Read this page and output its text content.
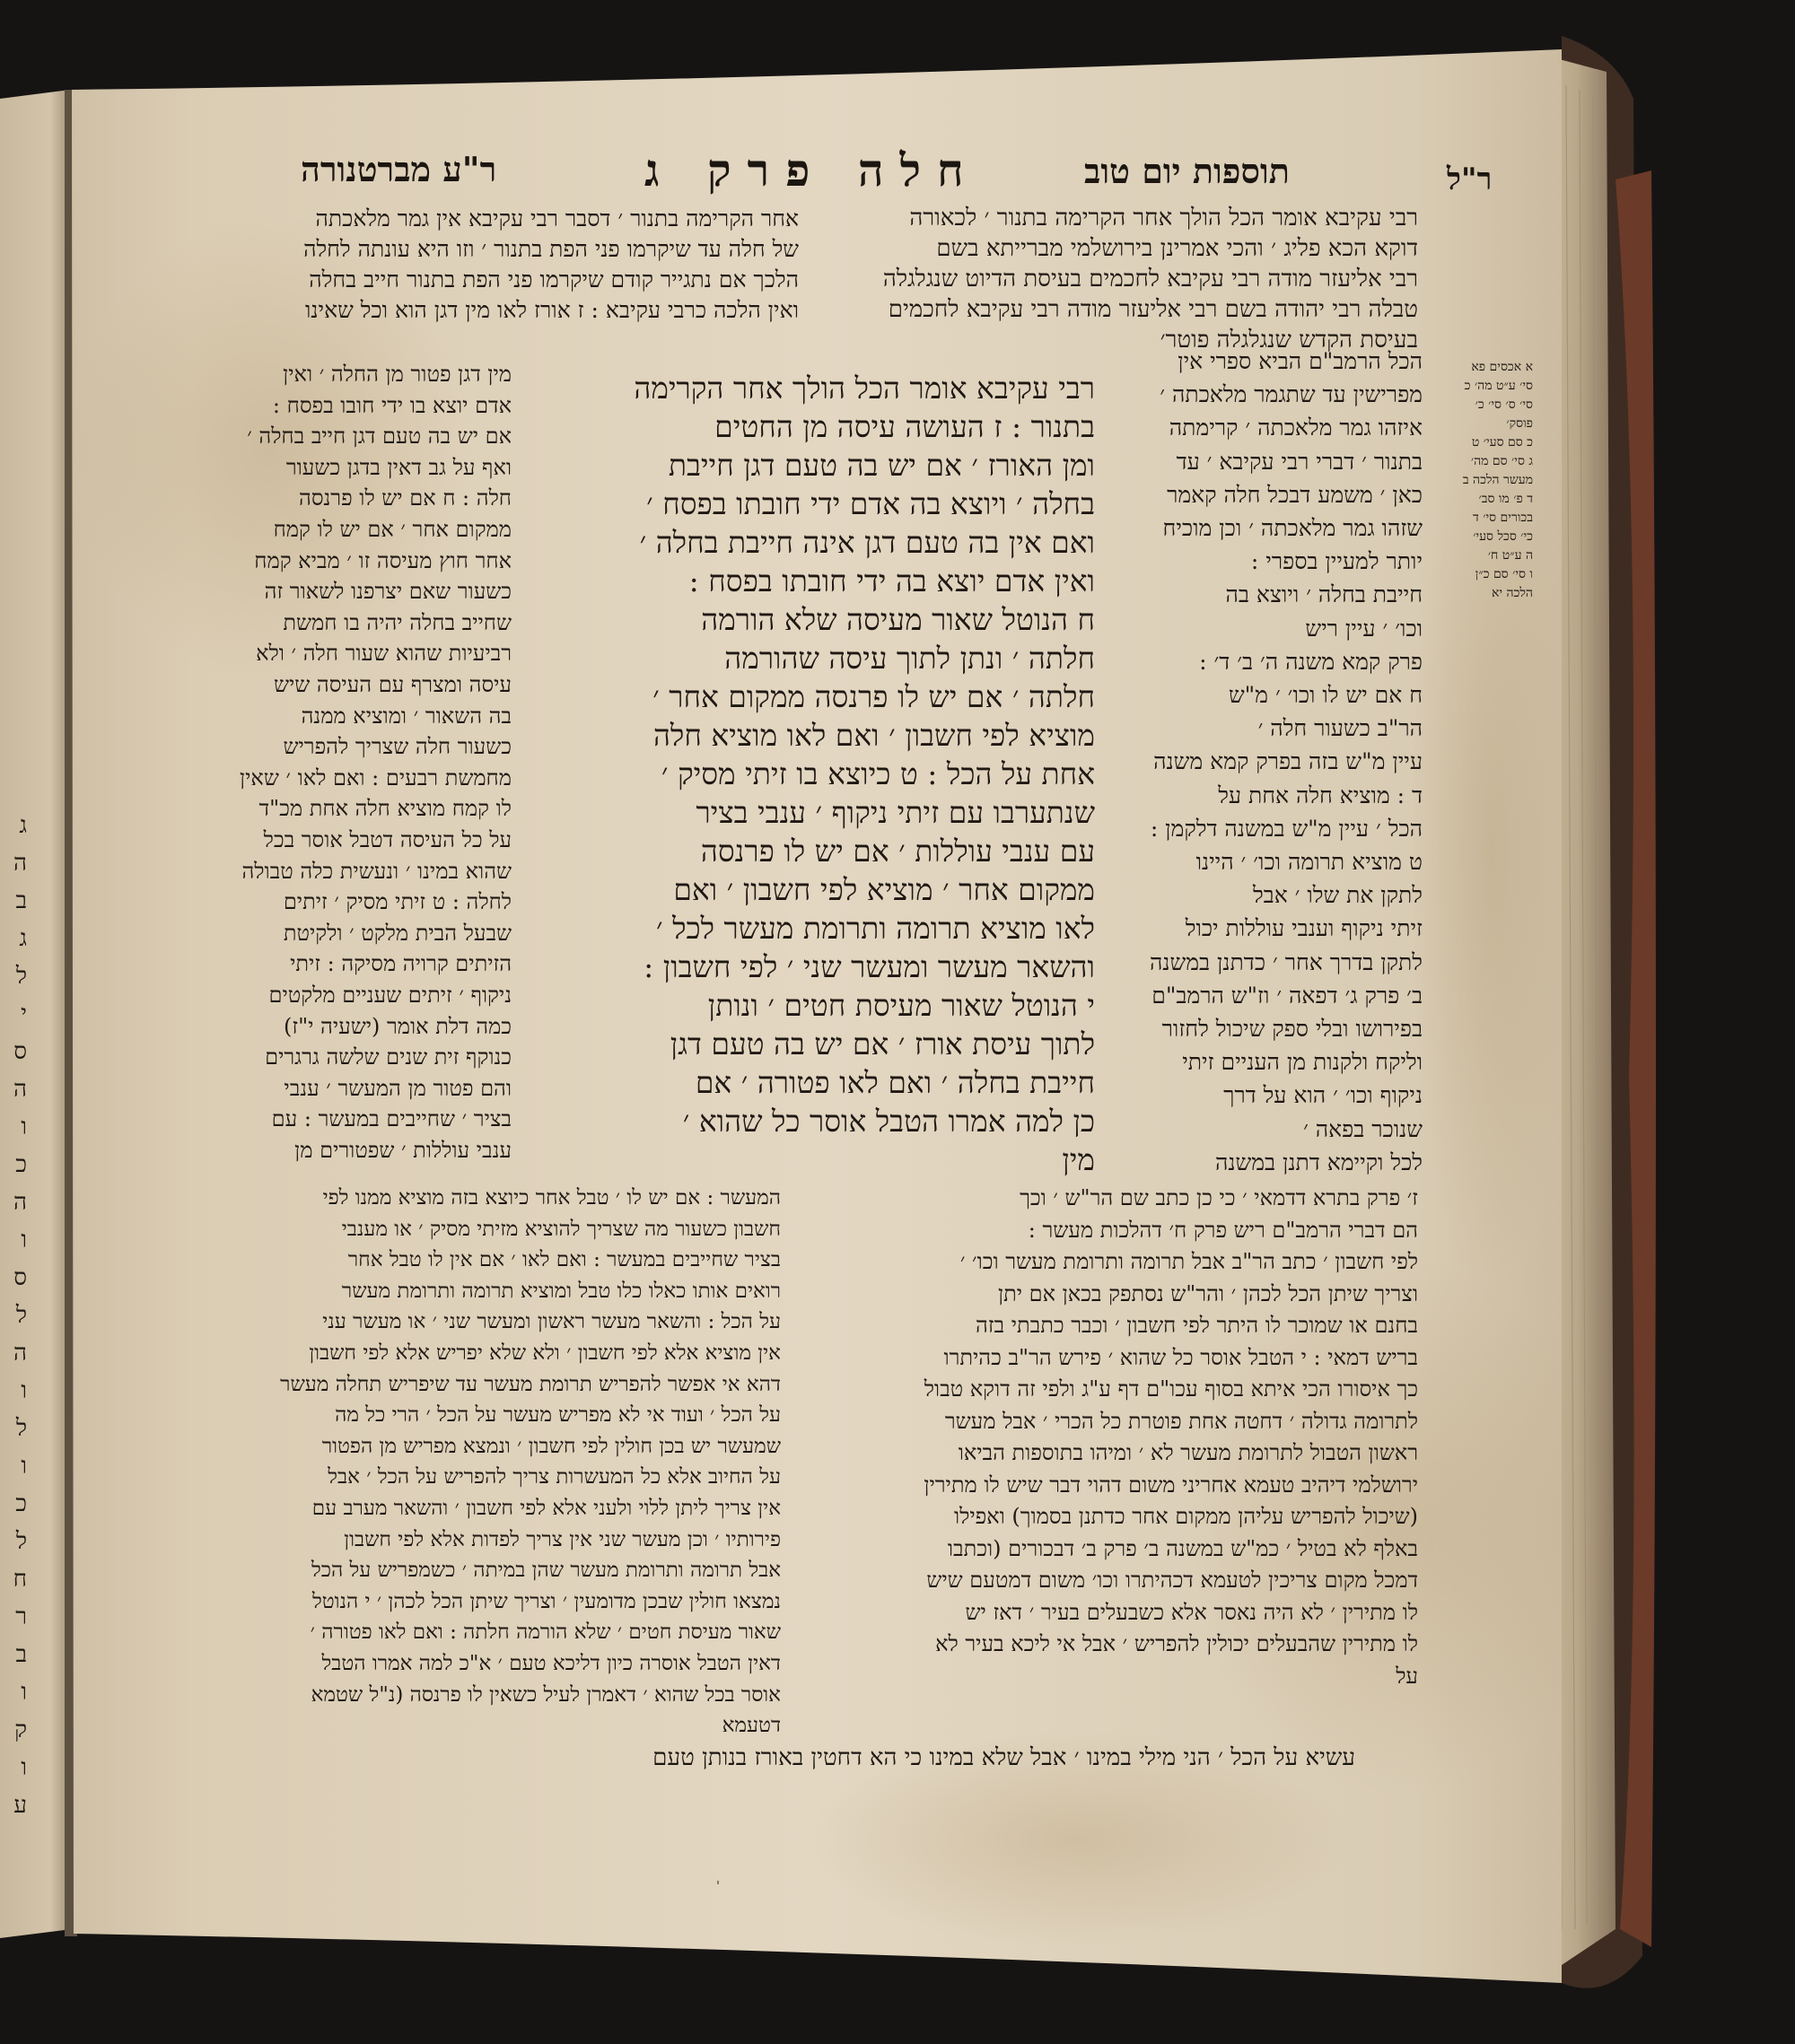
ר"ל
תוספות יום טוב
חלה פרק ג
ר"ע מברטנורה
רבי עקיבא אומר הכל הולך אחר הקרימה בתנור ׳ לכאורה
דוקא הכא פליג ׳ והכי אמרינן בירושלמי מברייתא בשם
רבי אליעזר מודה רבי עקיבא לחכמים בעיסת הדיוט שנגלגלה
טבלה רבי יהודה בשם רבי אליעזר מודה רבי עקיבא לחכמים
בעיסת הקדש שנגלגלה פוטר׳
אחר הקרימה בתנור ׳ דסבר רבי עקיבא אין גמר מלאכתה
של חלה עד שיקרמו פני הפת בתנור ׳ וזו היא עונתה לחלה
הלכך אם נתגייר קודם שיקרמו פני הפת בתנור חייב בחלה
ואין הלכה כרבי עקיבא : ז אורז לאו מין דגן הוא וכל שאינו
רבי עקיבא אומר הכל הולך אחר הקרימה
בתנור : ז העושה עיסה מן החטים
ומן האורז ׳ אם יש בה טעם דגן חייבת
בחלה ׳ ויוצא בה אדם ידי חובתו בפסח ׳
ואם אין בה טעם דגן אינה חייבת בחלה ׳
ואין אדם יוצא בה ידי חובתו בפסח :
ח הנוטל שאור מעיסה שלא הורמה
חלתה ׳ ונתן לתוך עיסה שהורמה
חלתה ׳ אם יש לו פרנסה ממקום אחר ׳
מוציא לפי חשבון ׳ ואם לאו מוציא חלה
אחת על הכל : ט כיוצא בו זיתי מסיק ׳
שנתערבו עם זיתי ניקוף ׳ ענבי בציר
עם ענבי עוללות ׳ אם יש לו פרנסה
ממקום אחר ׳ מוציא לפי חשבון ׳ ואם
לאו מוציא תרומה ותרומת מעשר לכל ׳
והשאר מעשר ומעשר שני ׳ לפי חשבון :
י הנוטל שאור מעיסת חטים ׳ ונותן
לתוך עיסת אורז ׳ אם יש בה טעם דגן
חייבת בחלה ׳ ואם לאו פטורה ׳ אם
כן למה אמרו הטבל אוסר כל שהוא ׳
מין
הכל הרמב"ם הביא ספרי אין
מפרישין עד שתגמר מלאכתה ׳
איזהו גמר מלאכתה ׳ קרימתה
בתנור ׳ דברי רבי עקיבא ׳ עד
כאן ׳ משמע דבכל חלה קאמר
שזהו גמר מלאכתה ׳ וכן מוכיח
יותר למעיין בספרי :
חייבת בחלה ׳ ויוצא בה
וכו׳ ׳ עיין ריש
פרק קמא משנה ה׳ ב׳ ד׳ :
ח אם יש לו וכו׳ ׳ מ"ש
הר"ב כשעור חלה ׳
עיין מ"ש בזה בפרק קמא משנה
ד : מוציא חלה אחת על
הכל ׳ עיין מ"ש במשנה דלקמן :
ט מוציא תרומה וכו׳ ׳ היינו
לתקן את שלו ׳ אבל
זיתי ניקוף וענבי עוללות יכול
לתקן בדרך אחר ׳ כדתנן במשנה
ב׳ פרק ג׳ דפאה ׳ וז"ש הרמב"ם
בפירושו ובלי ספק שיכול לחזור
וליקח ולקנות מן העניים זיתי
ניקוף וכו׳ ׳ הוא על דרך
שנוכר בפאה ׳
לכל וקיימא דתנן במשנה
מין דגן פטור מן החלה ׳ ואין
אדם יוצא בו ידי חובו בפסח :
אם יש בה טעם דגן חייב בחלה ׳
ואף על גב דאין בדגן כשעור
חלה : ח אם יש לו פרנסה
ממקום אחר ׳ אם יש לו קמח
אחר חוץ מעיסה זו ׳ מביא קמח
כשעור שאם יצרפנו לשאור זה
שחייב בחלה יהיה בו חמשת
רביעיות שהוא שעור חלה ׳ ולא
עיסה ומצרף עם העיסה שיש
בה השאור ׳ ומוציא ממנה
כשעור חלה שצריך להפריש
מחמשת רבעים : ואם לאו ׳ שאין
לו קמח מוציא חלה אחת מכ"ד
על כל העיסה דטבל אוסר בכל
שהוא במינו ׳ ונעשית כלה טבולה
לחלה : ט זיתי מסיק ׳ זיתים
שבעל הבית מלקט ׳ ולקיטת
הזיתים קרויה מסיקה : זיתי
ניקוף ׳ זיתים שעניים מלקטים
כמה דלת אומר (ישעיה י"ז)
כנוקף זית שנים שלשה גרגרים
והם פטור מן המעשר ׳ ענבי
בציר ׳ שחייבים במעשר : עם
ענבי עוללות ׳ שפטורים מן
ז׳ פרק בתרא דדמאי ׳ כי כן כתב שם הר"ש ׳ וכך
הם דברי הרמב"ם ריש פרק ח׳ דהלכות מעשר :
לפי חשבון ׳ כתב הר"ב אבל תרומה ותרומת מעשר וכו׳ ׳
וצריך שיתן הכל לכהן ׳ והר"ש נסתפק בכאן אם יתן
בחנם או שמוכר לו היתר לפי חשבון ׳ וכבר כתבתי בזה
בריש דמאי : י הטבל אוסר כל שהוא ׳ פירש הר"ב כהיתרו
כך איסורו הכי איתא בסוף עכו"ם דף ע"ג ולפי זה דוקא טבול
לתרומה גדולה ׳ דחטה אחת פוטרת כל הכרי ׳ אבל מעשר
ראשון הטבול לתרומת מעשר לא ׳ ומיהו בתוספות הביאו
ירושלמי דיהיב טעמא אחריני משום דהוי דבר שיש לו מתירין
(שיכול להפריש עליהן ממקום אחר כדתנן בסמוך) ואפילו
באלף לא בטיל ׳ כמ"ש במשנה ב׳ פרק ב׳ דבכורים (וכתבו
דמכל מקום צריכין לטעמא דכהיתרו וכו׳ משום דמטעם שיש
לו מתירין ׳ לא היה נאסר אלא כשבעלים בעיר ׳ דאז יש
לו מתירין שהבעלים יכולין להפריש ׳ אבל אי ליכא בעיר לא
על
המעשר : אם יש לו ׳ טבל אחר כיוצא בזה מוציא ממנו לפי
חשבון כשעור מה שצריך להוציא מזיתי מסיק ׳ או מענבי
בציר שחייבים במעשר : ואם לאו ׳ אם אין לו טבל אחר
רואים אותו כאלו כלו טבל ומוציא תרומה ותרומת מעשר
על הכל : והשאר מעשר ראשון ומעשר שני ׳ או מעשר עני
אין מוציא אלא לפי חשבון ׳ ולא שלא יפריש אלא לפי חשבון
דהא אי אפשר להפריש תרומת מעשר עד שיפריש תחלה מעשר
על הכל ׳ ועוד אי לא מפריש מעשר על הכל ׳ הרי כל מה
שמעשר יש בכן חולין לפי חשבון ׳ ונמצא מפריש מן הפטור
על החיוב אלא כל המעשרות צריך להפריש על הכל ׳ אבל
אין צריך ליתן ללוי ולעני אלא לפי חשבון ׳ והשאר מערב עם
פירותיו ׳ וכן מעשר שני אין צריך לפדות אלא לפי חשבון
אבל תרומה ותרומת מעשר שהן במיתה ׳ כשמפריש על הכל
נמצאו חולין שבכן מדומעין ׳ וצריך שיתן הכל לכהן ׳ י הנוטל
שאור מעיסת חטים ׳ שלא הורמה חלתה : ואם לאו פטורה ׳
דאין הטבל אוסרה כיון דליכא טעם ׳ א"כ למה אמרו הטבל
אוסר בכל שהוא ׳ דאמרן לעיל כשאין לו פרנסה (נ"ל שטמא
דטעמא
א אכסים פא
סי׳ ע״ט מה׳ כ
סי׳ ס׳ סי׳ כ׳
פוסק׳
כ סם סעי׳ ט
ג סי׳ סם מה׳
מעשר הלכה ב
ד פ׳ מו סב׳
בכורים סי׳ ד
כי׳ סכל סעי׳
ה ע״ט ח׳
ו סי׳ סם כ״ן
הלכה יא
ג
ה
ב
ג
ל
י
ס
ה
ו
כ
ה
ו
ס
ל
ה
ו
ל
ו
כ
ל
ח
ר
ב
ו
ק
ו
ע
עשיא על הכל ׳ הני מילי במינו ׳ אבל שלא במינו כי הא דחטין באורז בנותן טעם
